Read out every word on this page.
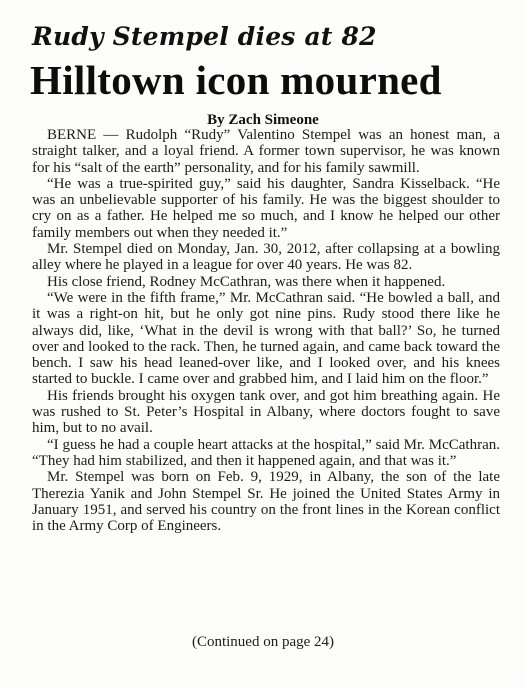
Rudy Stempel dies at 82
Hilltown icon mourned
By Zach Simeone

BERNE — Rudolph “Rudy” Valentino Stempel was an honest man, a straight talker, and a loyal friend. A former town supervisor, he was known for his “salt of the earth” personality, and for his family sawmill.

“He was a true-spirited guy,” said his daughter, Sandra Kisselback. “He was an unbelievable supporter of his family. He was the biggest shoulder to cry on as a father. He helped me so much, and I know he helped our other family members out when they needed it.”

Mr. Stempel died on Monday, Jan. 30, 2012, after collapsing at a bowling alley where he played in a league for over 40 years. He was 82.

His close friend, Rodney McCathran, was there when it happened.

“We were in the fifth frame,” Mr. McCathran said. “He bowled a ball, and it was a right-on hit, but he only got nine pins. Rudy stood there like he always did, like, ‘What in the devil is wrong with that ball?’ So, he turned over and looked to the rack. Then, he turned again, and came back toward the bench. I saw his head leaned-over like, and I looked over, and his knees started to buckle. I came over and grabbed him, and I laid him on the floor.”

His friends brought his oxygen tank over, and got him breathing again. He was rushed to St. Peter’s Hospital in Albany, where doctors fought to save him, but to no avail.

“I guess he had a couple heart attacks at the hospital,” said Mr. McCathran. “They had him stabilized, and then it happened again, and that was it.”

Mr. Stempel was born on Feb. 9, 1929, in Albany, the son of the late Therezia Yanik and John Stempel Sr. He joined the United States Army in January 1951, and served his country on the front lines in the Korean conflict in the Army Corp of Engineers.

(Continued on page 24)
